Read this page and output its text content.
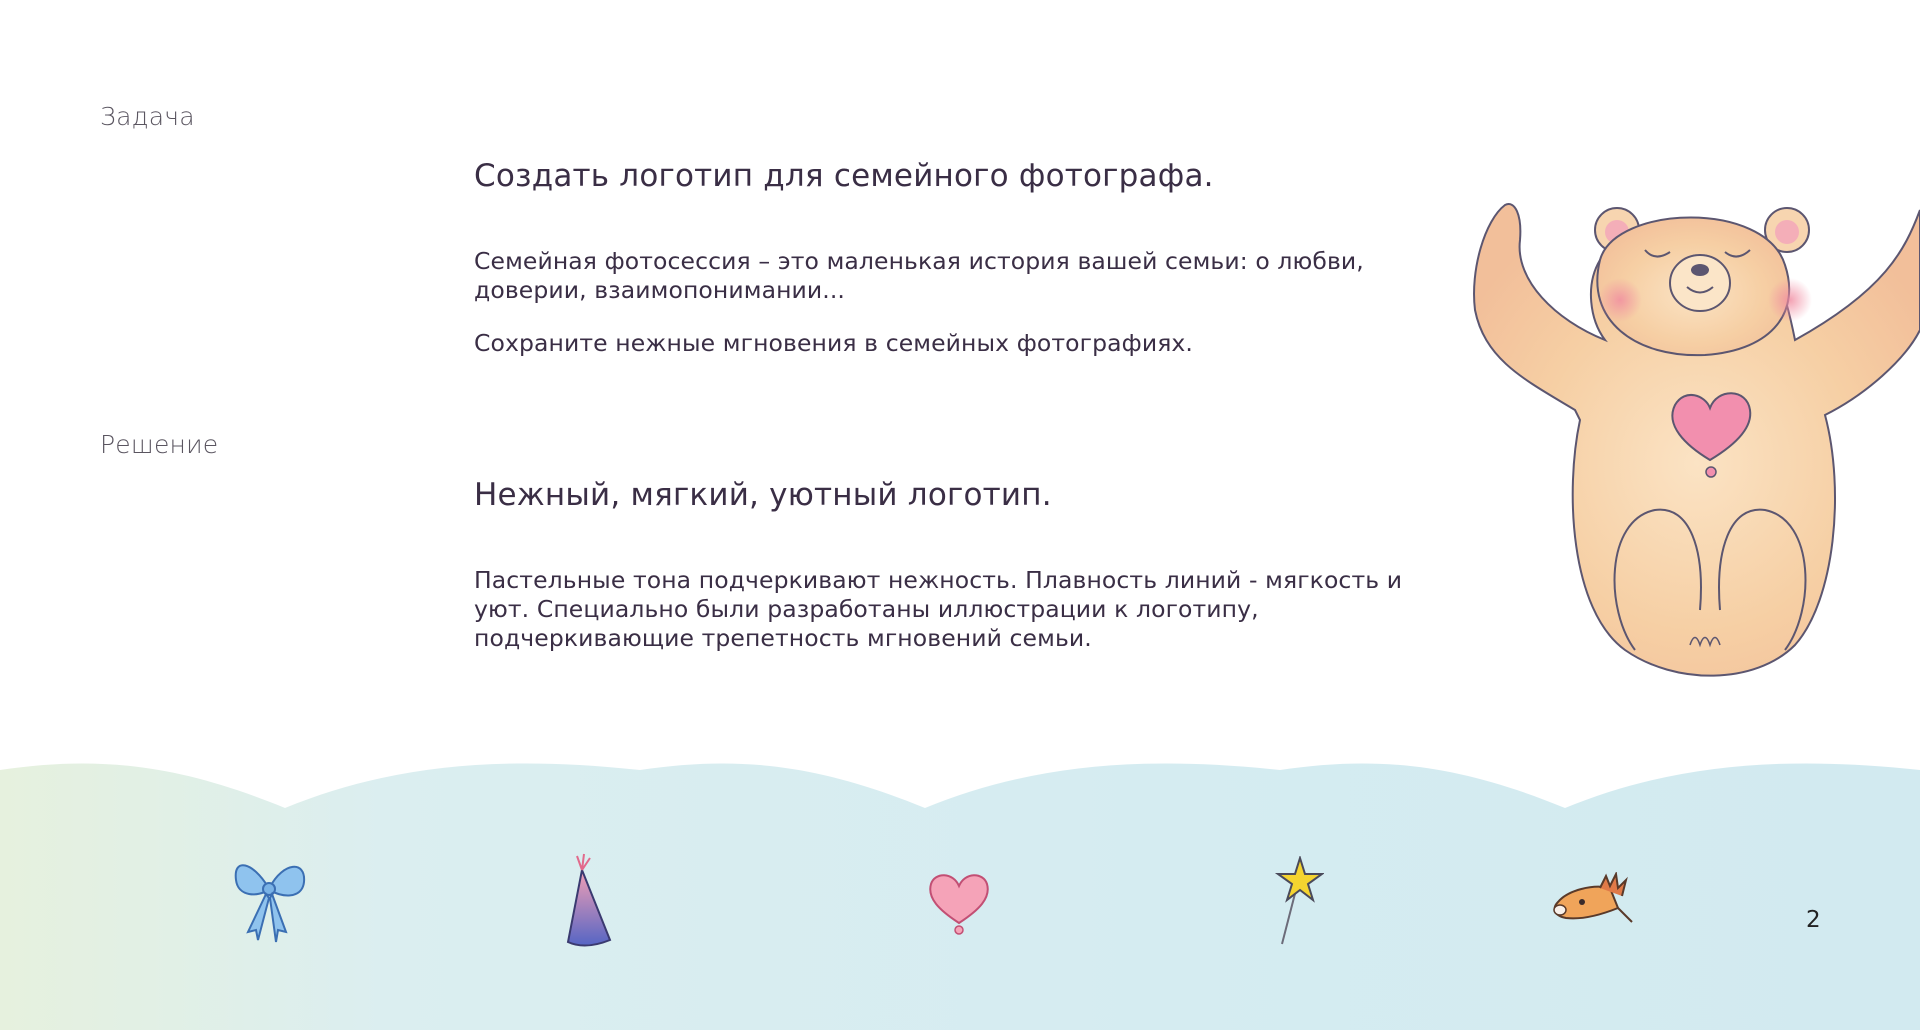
Задача
Создать логотип для семейного фотографа.
Семейная фотосессия – это маленькая история вашей семьи: о любви, доверии, взаимопонимании...
Сохраните нежные мгновения в семейных фотографиях.
Решение
Нежный, мягкий, уютный логотип.
Пастельные тона подчеркивают нежность. Плавность линий - мягкость и уют. Специально были разработаны иллюстрации к логотипу, подчеркивающие трепетность мгновений семьи.
2
